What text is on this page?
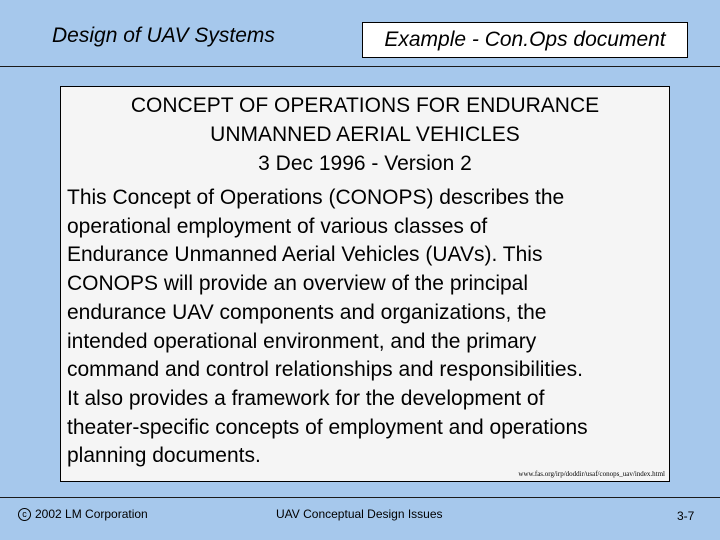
Design of UAV Systems	Example - Con.Ops document
CONCEPT OF OPERATIONS FOR ENDURANCE
UNMANNED AERIAL VEHICLES
3 Dec 1996 - Version 2
This Concept of Operations (CONOPS) describes the
operational employment of various classes of
Endurance Unmanned Aerial Vehicles (UAVs). This
CONOPS will provide an overview of the principal
endurance UAV components and organizations, the
intended operational environment, and the primary
command and control relationships and responsibilities.
It also provides a framework for the development of
theater-specific concepts of employment and operations
planning documents.
www.fas.org/irp/doddir/usaf/conops_uav/index.html
c 2002 LM Corporation	UAV Conceptual Design Issues	3-7
